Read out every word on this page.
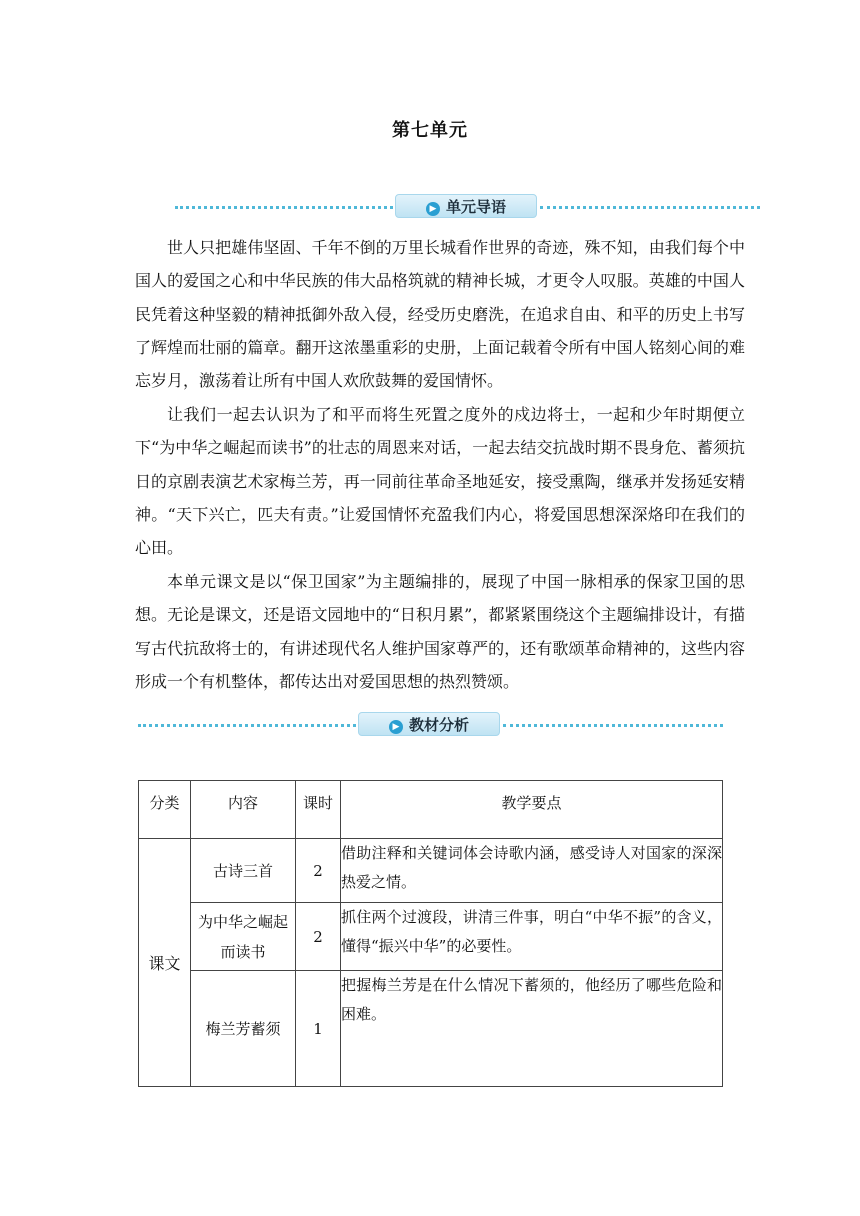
第七单元
▶ 单元导语

世人只把雄伟坚固、千年不倒的万里长城看作世界的奇迹，殊不知，由我们每个中国人的爱国之心和中华民族的伟大品格筑就的精神长城，才更令人叹服。英雄的中国人民凭着这种坚毅的精神抵御外敌入侵，经受历史磨洗，在追求自由、和平的历史上书写了辉煌而壮丽的篇章。翻开这浓墨重彩的史册，上面记载着令所有中国人铭刻心间的难忘岁月，激荡着让所有中国人欢欣鼓舞的爱国情怀。

让我们一起去认识为了和平而将生死置之度外的戍边将士，一起和少年时期便立下“为中华之崛起而读书”的壮志的周恩来对话，一起去结交抗战时期不畏身危、蓄须抗日的京剧表演艺术家梅兰芳，再一同前往革命圣地延安，接受熏陶，继承并发扬延安精神。“天下兴亡，匹夫有责。”让爱国情怀充盈我们内心，将爱国思想深深烙印在我们的心田。

本单元课文是以“保卫国家”为主题编排的，展现了中国一脉相承的保家卫国的思想。无论是课文，还是语文园地中的“日积月累”，都紧紧围绕这个主题编排设计，有描写古代抗敌将士的，有讲述现代名人维护国家尊严的，还有歌颂革命精神的，这些内容形成一个有机整体，都传达出对爱国思想的热烈赞颂。

▶ 教材分析
分类	内容	课时	教学要点
课文	古诗三首	2	借助注释和关键词体会诗歌内涵，感受诗人对国家的深深热爱之情。
	为中华之崛起而读书	2	抓住两个过渡段，讲清三件事，明白“中华不振”的含义，懂得“振兴中华”的必要性。
	梅兰芳蓄须	1	把握梅兰芳是在什么情况下蓄须的，他经历了哪些危险和困难。
